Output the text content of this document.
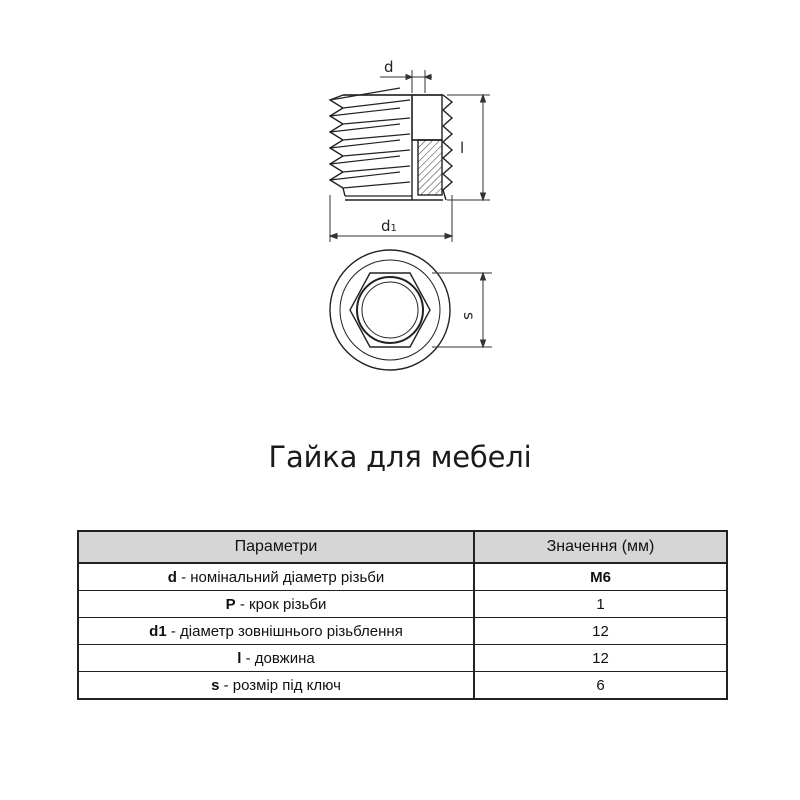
d
l
d1
s
Гайка для мебелі
Параметри	Значення (мм)
d - номінальний діаметр різьби	M6
P - крок різьби	1
d1 - діаметр зовнішнього різьблення	12
l - довжина	12
s - розмір під ключ	6
